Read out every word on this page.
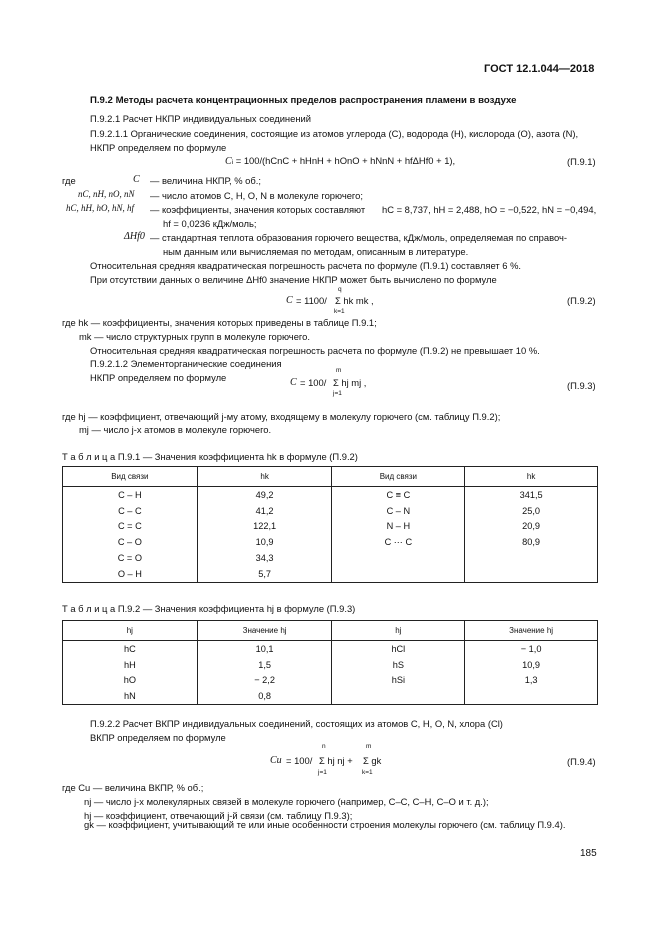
ГОСТ 12.1.044—2018
П.9.2 Методы расчета концентрационных пределов распространения пламени в воздухе
П.9.2.1 Расчет НКПР индивидуальных соединений
П.9.2.1.1 Органические соединения, состоящие из атомов углерода (С), водорода (Н), кислорода (О), азота (N),
НКПР определяем по формуле
Ci = 100/(hCnC + hHnH + hOnO + hNnN + hfΔHf0 + 1),	(П.9.1)
где	C — величина НКПР, % об.;
nC, nH, nO, nN — число атомов С, Н, О, N в молекуле горючего;
hC, hH, hO, hN, hf — коэффициенты, значения которых составляют hC = 8,737, hH = 2,488, hO = −0,522, hN = −0,494,
hf = 0,0236 кДж/моль;
ΔHf0 — стандартная теплота образования горючего вещества, кДж/моль, определяемая по справоч-
ным данным или вычисляемая по методам, описанным в литературе.
Относительная средняя квадратическая погрешность расчета по формуле (П.9.1) составляет 6 %.
При отсутствии данных о величине ΔHf0 значение НКПР может быть вычислено по формуле
C = 1100/
q
Σ hk mk ,
k=1
(П.9.2)
где hk — коэффициенты, значения которых приведены в таблице П.9.1;
mk — число структурных групп в молекуле горючего.
Относительная средняя квадратическая погрешность расчета по формуле (П.9.2) не превышает 10 %.
П.9.2.1.2 Элементорганические соединения
НКПР определяем по формуле	C = 100/
m
Σ hj mj ,
j=1
(П.9.3)
где hj — коэффициент, отвечающий j-му атому, входящему в молекулу горючего (см. таблицу П.9.2);
mj — число j-х атомов в молекуле горючего.
Т а б л и ц а П.9.1 — Значения коэффициента hk в формуле (П.9.2)
Вид связи	hk	Вид связи	hk
C – H	49,2	C ≡ C	341,5
C – C	41,2	C – N	25,0
C = C	122,1	N – H	20,9
C – O	10,9	C ⋯ C	80,9
C = O	34,3		
O – H	5,7		
Т а б л и ц а П.9.2 — Значения коэффициента hj в формуле (П.9.3)
hj	Значение hj	hj	Значение hj
hC	10,1	hCl	− 1,0
hH	1,5	hS	10,9
hO	− 2,2	hSi	1,3
hN	0,8		
П.9.2.2 Расчет ВКПР индивидуальных соединений, состоящих из атомов С, Н, О, N, хлора (Cl)
ВКПР определяем по формуле
Cu = 100/
n
Σ hj nj +
j=1
m
Σ gk
k=1
(П.9.4)
где Cu — величина ВКПР, % об.;
nj — число j-х молекулярных связей в молекуле горючего (например, С–С, С–Н, С–О и т. д.);
hj — коэффициент, отвечающий j-й связи (см. таблицу П.9.3);
gk — коэффициент, учитывающий те или иные особенности строения молекулы горючего (см. таблицу П.9.4).
185
